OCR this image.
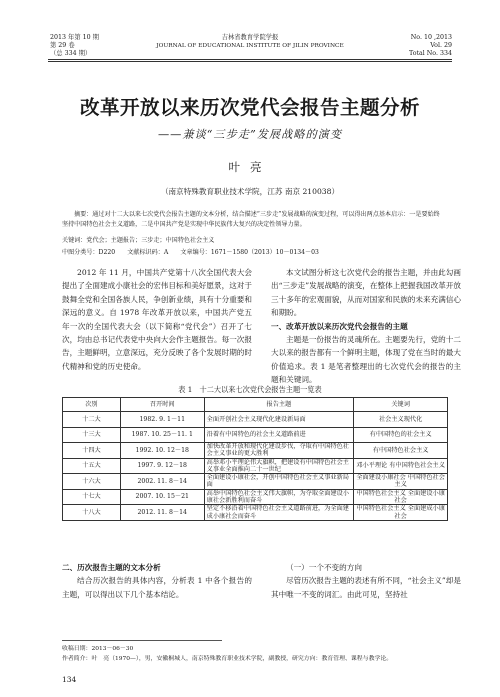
2013 年第 10 期
第 29 卷
（总 334 期）
吉林省教育学院学报
JOURNAL OF EDUCATIONAL INSTITUTE OF JILIN PROVINCE
No. 10 ,2013
Vol. 29
Total No. 334
改革开放以来历次党代会报告主题分析
——兼谈“三步走”发展战略的演变
叶亮
（南京特殊教育职业技术学院，江苏 南京 210038）
摘要：通过对十二大以来七次党代会报告主题的文本分析，结合描述“三步走”发展战略的演变过程，可以得出两点基本启示：一是要始终坚持中国特色社会主义道路，二是中国共产党是实现中华民族伟大复兴的决定性领导力量。
关键词：党代会；主题报告；三步走；中国特色社会主义
中图分类号：D220　　文献标识码：A　　文章编号：1671－1580（2013）10－0134－03

2012 年 11 月，中国共产党第十八次全国代表大会提出了全面建成小康社会的宏伟目标和美好愿景，这对于鼓舞全党和全国各族人民，争创新业绩，具有十分重要和深远的意义。自 1978 年改革开放以来，中国共产党五年一次的全国代表大会（以下简称“党代会”）召开了七次，均由总书记代表党中央向大会作主题报告。每一次报告，主题鲜明，立意深远，充分反映了各个发展时期的时代精神和党的历史使命。

本文试图分析这七次党代会的报告主题，并由此勾画出“三步走”发展战略的演变，在整体上把握我国改革开放三十多年的宏观面貌，从而对国家和民族的未来充满信心和期盼。

一、改革开放以来历次党代会报告的主题

主题是一份报告的灵魂所在。主题要先行，党的十二大以来的报告都有一个鲜明主题，体现了党在当时的最大价值追求。表 1 是笔者整理出的七次党代会的报告的主题和关键词。

表 1　十二大以来七次党代会报告主题一览表
次别	召开时间	报告主题	关键词
十二大	1982. 9. 1－11	全面开创社会主义现代化建设新局面	社会主义现代化
十三大	1987. 10. 25－11. 1	沿着有中国特色的社会主义道路前进	有中国特色的社会主义
十四大	1992. 10. 12－18	加快改革开放和现代化建设步伐，夺取有中国特色社会主义事业的更大胜利	有中国特色社会主义
十五大	1997. 9. 12－18	高举邓小平理论伟大旗帜，把建设有中国特色社会主义事业全面推向二十一世纪	邓小平理论 有中国特色社会主义
十六大	2002. 11. 8－14	全面建设小康社会，开创中国特色社会主义事业新局面	全面建设小康社会 中国特色社会主义
十七大	2007. 10. 15－21	高举中国特色社会主义伟大旗帜，为夺取全面建设小康社会新胜利而奋斗	中国特色社会主义 全面建设小康社会
十八大	2012. 11. 8－14	坚定不移沿着中国特色社会主义道路前进，为全面建成小康社会而奋斗	中国特色社会主义 全面建成小康社会
二、历次报告主题的文本分析

结合历次报告的具体内容，分析表 1 中各个报告的主题，可以得出以下几个基本结论。

（一）一个不变的方向

尽管历次报告主题的表述有所不同，“社会主义”却是其中唯一不变的词汇。由此可见，坚持社

收稿日期：2013－06－30
作者简介：叶　亮（1970—），男，安徽桐城人，南京特殊教育职业技术学院，副教授，研究方向：教育管理、课程与教学论。
134
